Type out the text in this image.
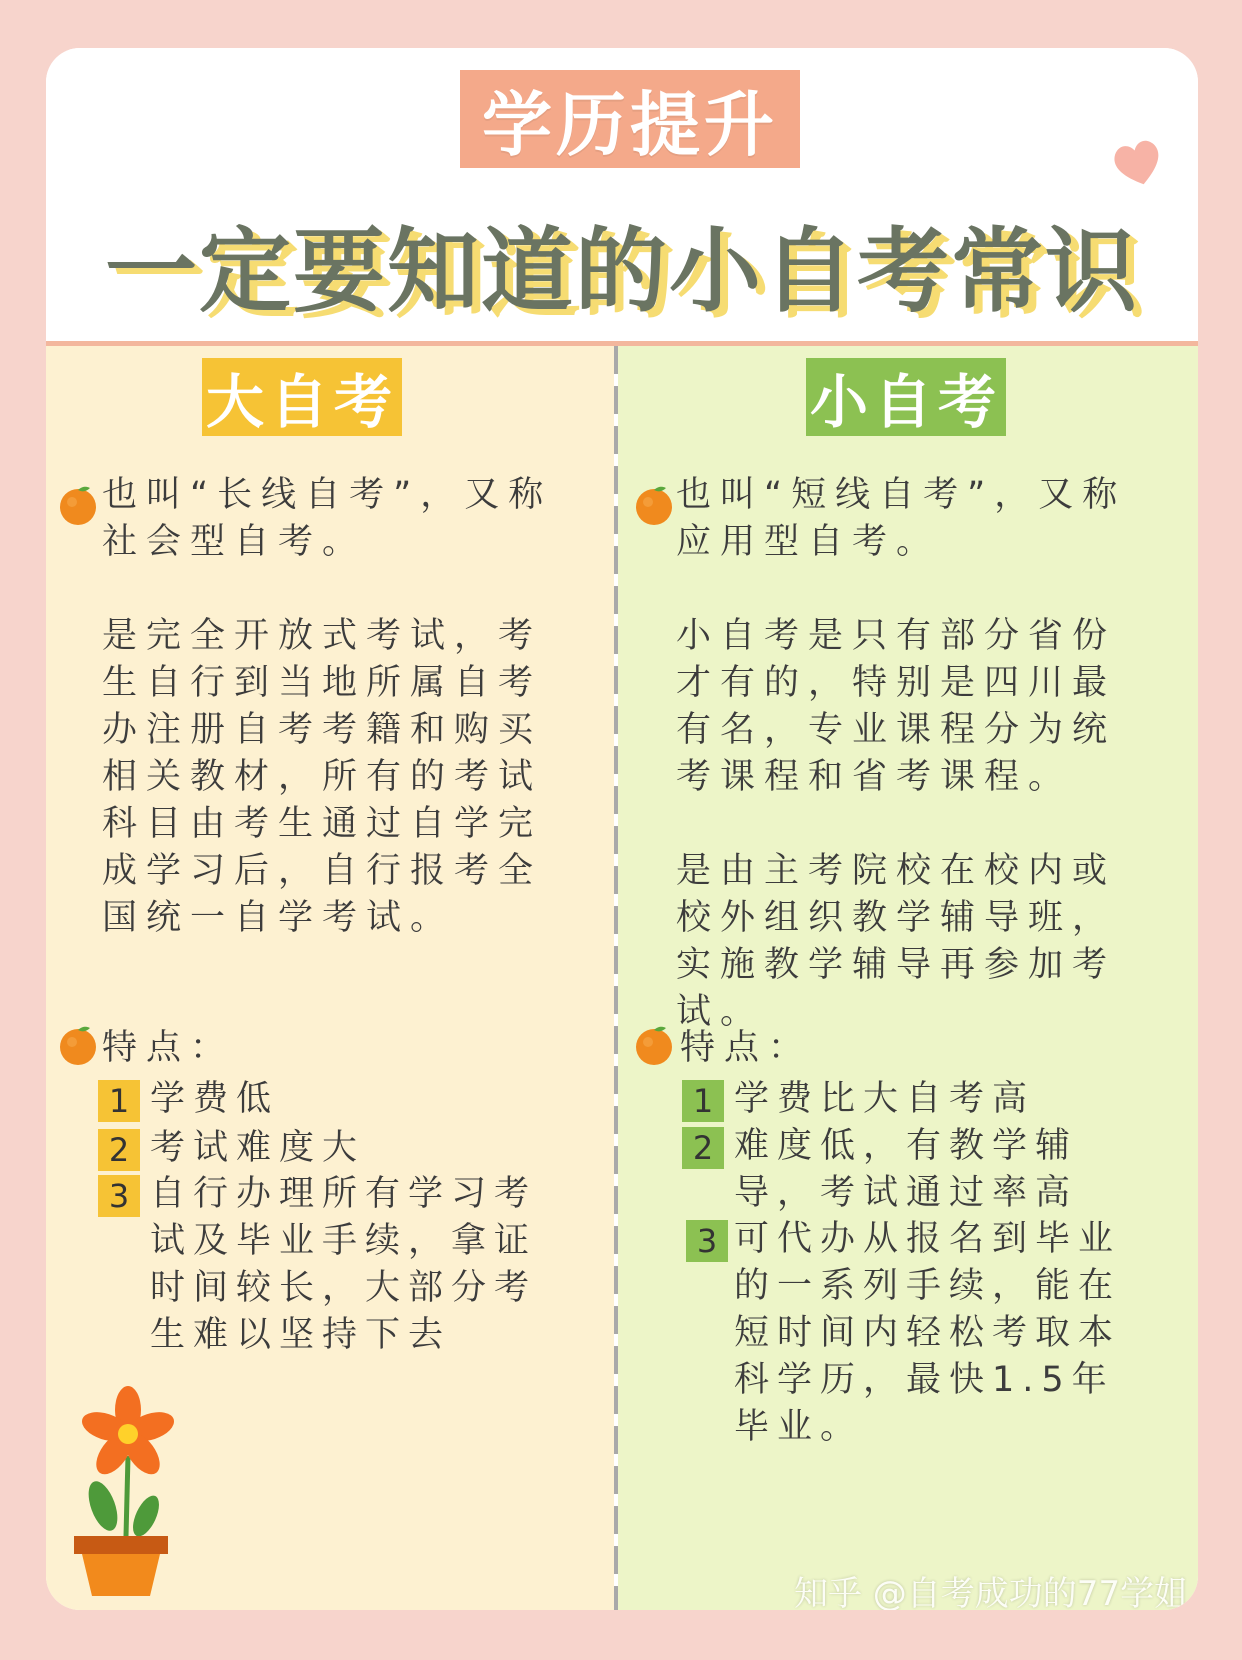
学历提升
一定要知道的小自考常识
大自考

也叫“长线自考”，又称社会型自考。

是完全开放式考试，考生自行到当地所属自考办注册自考考籍和购买相关教材，所有的考试科目由考生通过自学完成学习后，自行报考全国统一自学考试。

特点：
1 学费低
2 考试难度大
3 自行办理所有学习考试及毕业手续，拿证时间较长，大部分考生难以坚持下去
小自考

也叫“短线自考”，又称应用型自考。

小自考是只有部分省份才有的，特别是四川最有名，专业课程分为统考课程和省考课程。

是由主考院校在校内或校外组织教学辅导班，实施教学辅导再参加考试。

特点：
1 学费比大自考高
2 难度低，有教学辅导，考试通过率高
3 可代办从报名到毕业的一系列手续，能在短时间内轻松考取本科学历，最快1.5年毕业。
知乎 @自考成功的77学姐
